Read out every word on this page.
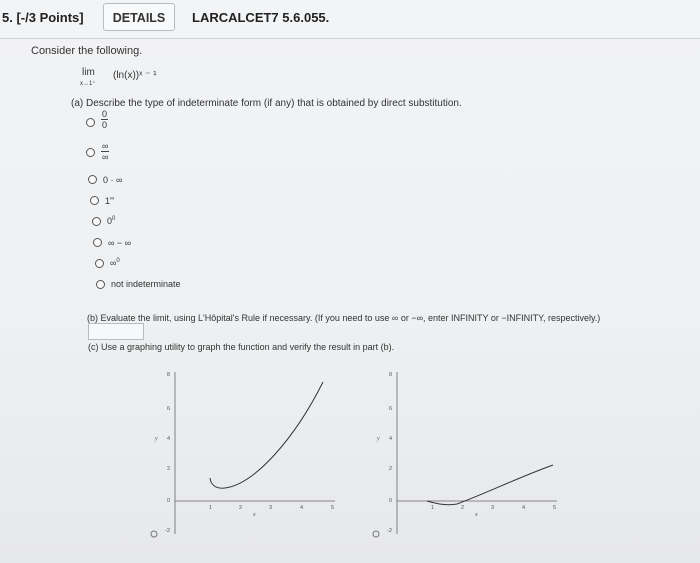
5. [-/3 Points]	DETAILS	LARCALCET7 5.6.055.
Consider the following.
lim
x→1⁺
(ln(x))ˣ ⁻ ¹
(a) Describe the type of indeterminate form (if any) that is obtained by direct substitution.
$\frac{0}{0}$
∞
∞
0 · ∞
1∞
$0^0$
∞ − ∞
∞$^0$
not indeterminate
(b) Evaluate the limit, using L'Hôpital's Rule if necessary. (If you need to use ∞ or −∞, enter INFINITY or −INFINITY, respectively.)
(c) Use a graphing utility to graph the function and verify the result in part (b).
8
6
4
2
0
-2
1	2	3	4	5
y
x
8
6
4
2
0
-2
1	2	3	4	5
y
x
